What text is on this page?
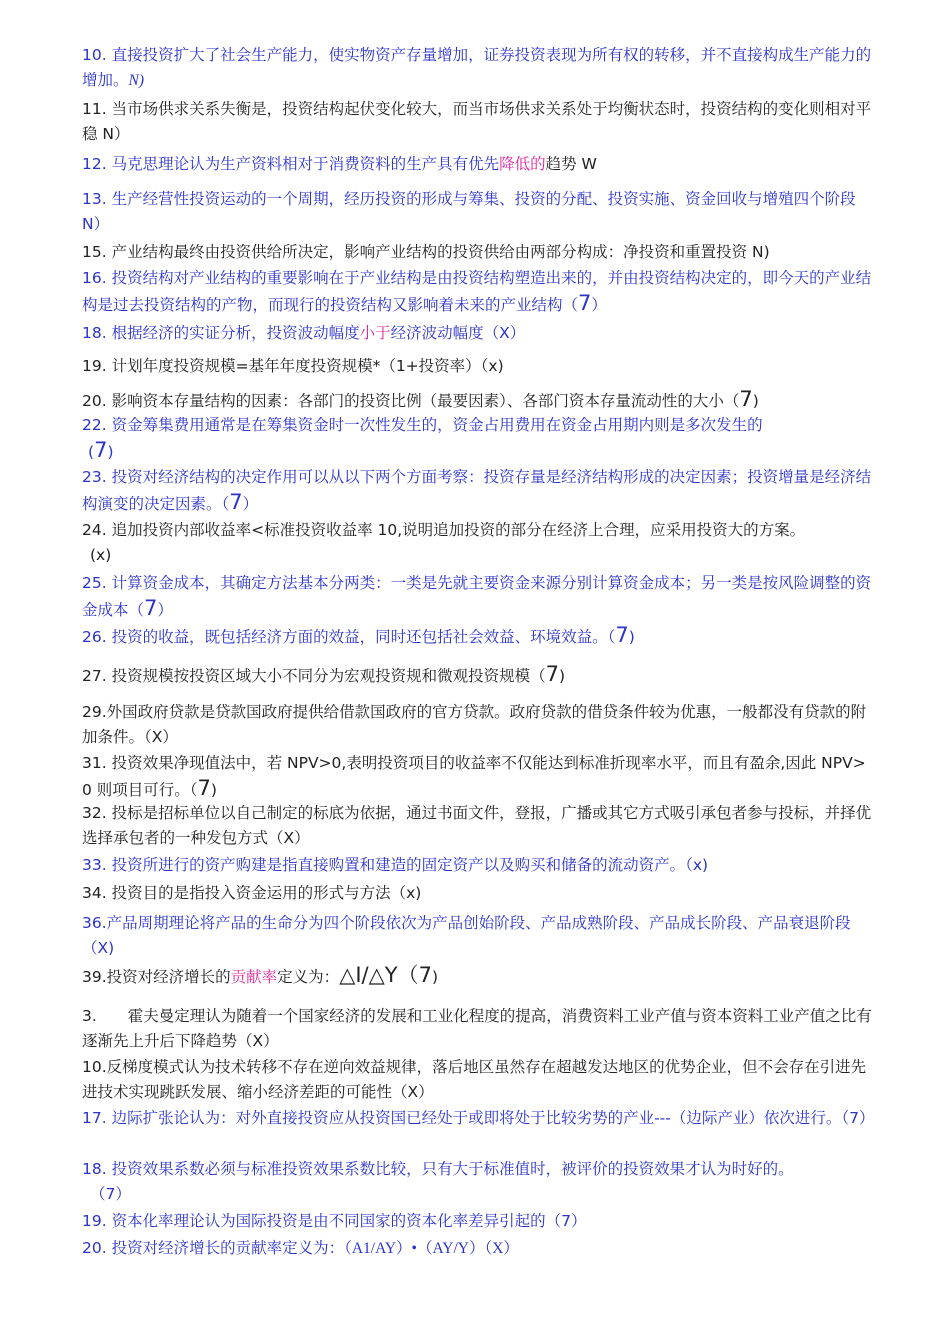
10. 直接投资扩大了社会生产能力，使实物资产存量增加，证券投资表现为所有权的转移，并不直接构成生产能力的增加。N)
11. 当市场供求关系失衡是，投资结构起伏变化较大，而当市场供求关系处于均衡状态时，投资结构的变化则相对平稳 N）
12. 马克思理论认为生产资料相对于消费资料的生产具有优先降低的趋势 W
13. 生产经营性投资运动的一个周期，经历投资的形成与筹集、投资的分配、投资实施、资金回收与增殖四个阶段 N）
15. 产业结构最终由投资供给所决定，影响产业结构的投资供给由两部分构成：净投资和重置投资 N)
16. 投资结构对产业结构的重要影响在于产业结构是由投资结构塑造出来的，并由投资结构决定的，即今天的产业结构是过去投资结构的产物，而现行的投资结构又影响着未来的产业结构（7）
18. 根据经济的实证分析，投资波动幅度小于经济波动幅度（X）
19. 计划年度投资规模=基年年度投资规模*（1+投资率）（x)
20. 影响资本存量结构的因素：各部门的投资比例（最要因素）、各部门资本存量流动性的大小（7)
22. 资金筹集费用通常是在筹集资金时一次性发生的，资金占用费用在资金占用期内则是多次发生的
(7)
23. 投资对经济结构的决定作用可以从以下两个方面考察：投资存量是经济结构形成的决定因素；投资增量是经济结构演变的决定因素。（7）
24. 追加投资内部收益率<标准投资收益率 10,说明追加投资的部分在经济上合理，应采用投资大的方案。
(x)
25. 计算资金成本，其确定方法基本分两类：一类是先就主要资金来源分别计算资金成本；另一类是按风险调整的资金成本（7）
26. 投资的收益，既包括经济方面的效益，同时还包括社会效益、环境效益。（7)
27. 投资规模按投资区域大小不同分为宏观投资规和微观投资规模（7)
29.外国政府贷款是贷款国政府提供给借款国政府的官方贷款。政府贷款的借贷条件较为优惠，一般都没有贷款的附加条件。（X）
31. 投资效果净现值法中，若 NPV>0,表明投资项目的收益率不仅能达到标准折现率水平，而且有盈余,因此 NPV>0 则项目可行。（7)
32. 投标是招标单位以自己制定的标底为依据，通过书面文件，登报，广播或其它方式吸引承包者参与投标，并择优选择承包者的一种发包方式（X）
33. 投资所进行的资产购建是指直接购置和建造的固定资产以及购买和储备的流动资产。（x)
34. 投资目的是指投入资金运用的形式与方法（x)
36.产品周期理论将产品的生命分为四个阶段依次为产品创始阶段、产品成熟阶段、产品成长阶段、产品衰退阶段（X)
39.投资对经济增长的贡献率定义为：△I/△Y（7)
3.　　霍夫曼定理认为随着一个国家经济的发展和工业化程度的提高，消费资料工业产值与资本资料工业产值之比有逐渐先上升后下降趋势（X）
10.反梯度模式认为技术转移不存在逆向效益规律，落后地区虽然存在超越发达地区的优势企业，但不会存在引进先进技术实现跳跃发展、缩小经济差距的可能性（X）
17. 边际扩张论认为：对外直接投资应从投资国已经处于或即将处于比较劣势的产业---（边际产业）依次进行。（7）
18. 投资效果系数必须与标准投资效果系数比较，只有大于标准值时，被评价的投资效果才认为时好的。
（7）
19. 资本化率理论认为国际投资是由不同国家的资本化率差异引起的（7）
20. 投资对经济增长的贡献率定义为：（A1/AY）•（AY/Y）（X）
